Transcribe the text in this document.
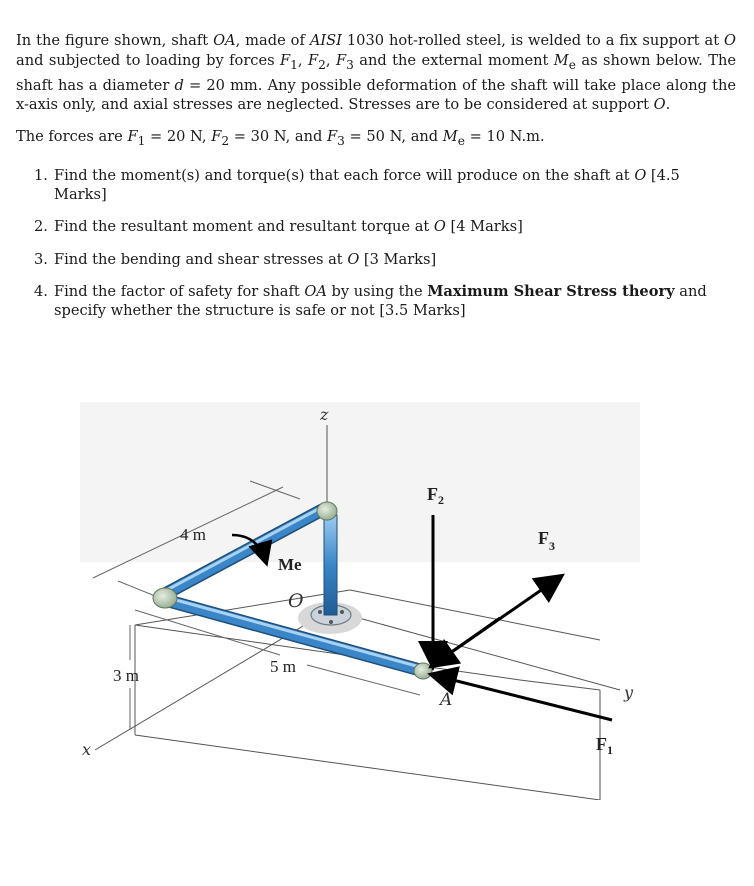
In the figure shown, shaft OA, made of AISI 1030 hot-rolled steel, is welded to a fix support at O and subjected to loading by forces $F_1$, $F_2$, $F_3$ and the external moment $M_e$ as shown below. The shaft has a diameter d = 20 mm. Any possible deformation of the shaft will take place along the x-axis only, and axial stresses are neglected. Stresses are to be considered at support O.
The forces are $F_1 = 20$ N, $F_2 = 30$ N, and $F_3 = 50$ N, and $M_e = 10$ N.m.
1. Find the moment(s) and torque(s) that each force will produce on the shaft at O [4.5 Marks]
2. Find the resultant moment and resultant torque at O [4 Marks]
3. Find the bending and shear stresses at O [3 Marks]
4. Find the factor of safety for shaft OA by using the Maximum Shear Stress theory and specify whether the structure is safe or not [3.5 Marks]
z
x
y
4 m
5 m
3 m
Me
O
A
$F_2$
$F_3$
$F_1$
